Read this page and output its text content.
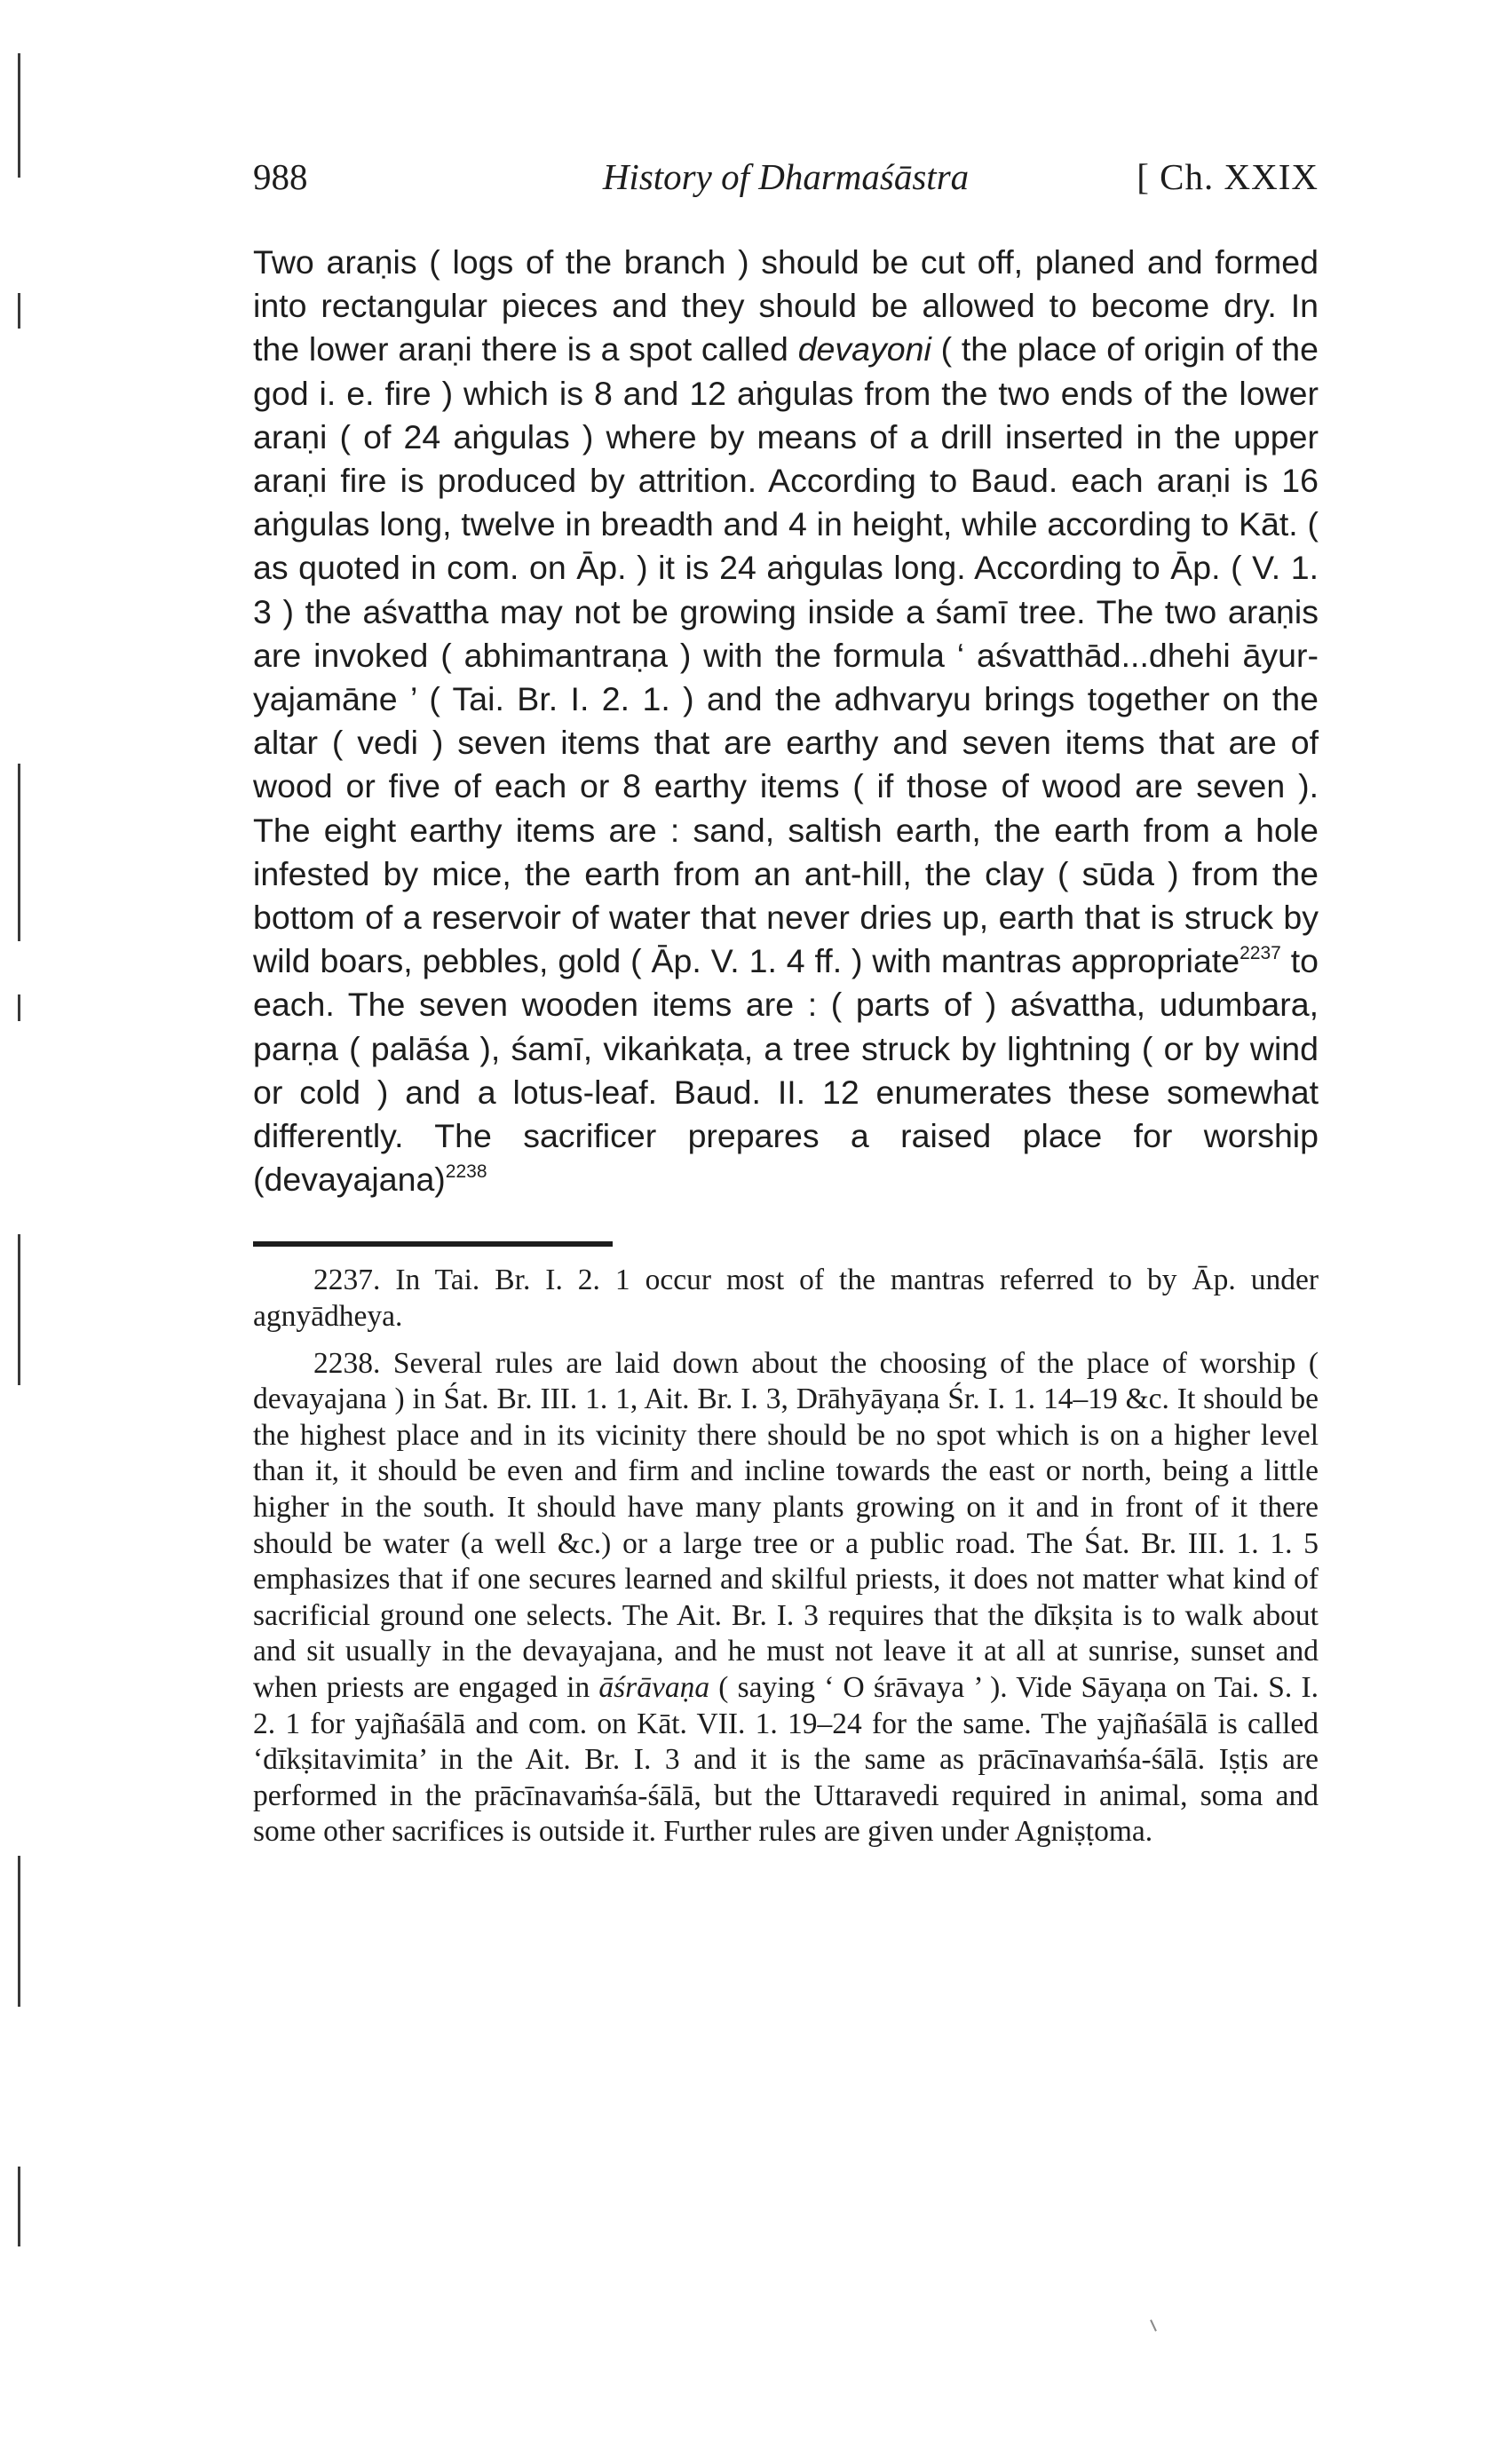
988	History of Dharmaśāstra	[ Ch. XXIX
Two araṇis ( logs of the branch ) should be cut off, planed and formed into rectangular pieces and they should be allowed to become dry. In the lower araṇi there is a spot called devayoni ( the place of origin of the god i. e. fire ) which is 8 and 12 aṅgulas from the two ends of the lower araṇi ( of 24 aṅgulas ) where by means of a drill inserted in the upper araṇi fire is produced by attrition. According to Baud. each araṇi is 16 aṅgulas long, twelve in breadth and 4 in height, while according to Kāt. ( as quoted in com. on Āp. ) it is 24 aṅgulas long. According to Āp. ( V. 1. 3 ) the aśvattha may not be growing inside a śamī tree. The two araṇis are invoked ( abhimantraṇa ) with the formula ‘ aśvatthād...dhehi āyur-yajamāne ’ ( Tai. Br. I. 2. 1. ) and the adhvaryu brings together on the altar ( vedi ) seven items that are earthy and seven items that are of wood or five of each or 8 earthy items ( if those of wood are seven ). The eight earthy items are : sand, saltish earth, the earth from a hole infested by mice, the earth from an ant-hill, the clay ( sūda ) from the bottom of a reservoir of water that never dries up, earth that is struck by wild boars, pebbles, gold ( Āp. V. 1. 4 ff. ) with mantras appropriate$^{2237}$ to each. The seven wooden items are : ( parts of ) aśvattha, udumbara, parṇa ( palāśa ), śamī, vikaṅkaṭa, a tree struck by lightning ( or by wind or cold ) and a lotus-leaf. Baud. II. 12 enumerates these somewhat differently. The sacrificer prepares a raised place for worship (devayajana)$^{2238}$

2237. In Tai. Br. I. 2. 1 occur most of the mantras referred to by Āp. under agnyādheya.

2238. Several rules are laid down about the choosing of the place of worship ( devayajana ) in Śat. Br. III. 1. 1, Ait. Br. I. 3, Drāhyāyaṇa Śr. I. 1. 14–19 &c. It should be the highest place and in its vicinity there should be no spot which is on a higher level than it, it should be even and firm and incline towards the east or north, being a little higher in the south. It should have many plants growing on it and in front of it there should be water (a well &c.) or a large tree or a public road. The Śat. Br. III. 1. 1. 5 emphasizes that if one secures learned and skilful priests, it does not matter what kind of sacrificial ground one selects. The Ait. Br. I. 3 requires that the dīkṣita is to walk about and sit usually in the devayajana, and he must not leave it at all at sunrise, sunset and when priests are engaged in āśrāvaṇa ( saying ‘ O śrāvaya ’ ). Vide Sāyaṇa on Tai. S. I. 2. 1 for yajñaśālā and com. on Kāt. VII. 1. 19–24 for the same. The yajñaśālā is called ‘dīkṣitavimita’ in the Ait. Br. I. 3 and it is the same as prācīnavaṁśa-śālā. Iṣṭis are performed in the prācīnavaṁśa-śālā, but the Uttaravedi required in animal, soma and some other sacrifices is outside it. Further rules are given under Agniṣṭoma.
